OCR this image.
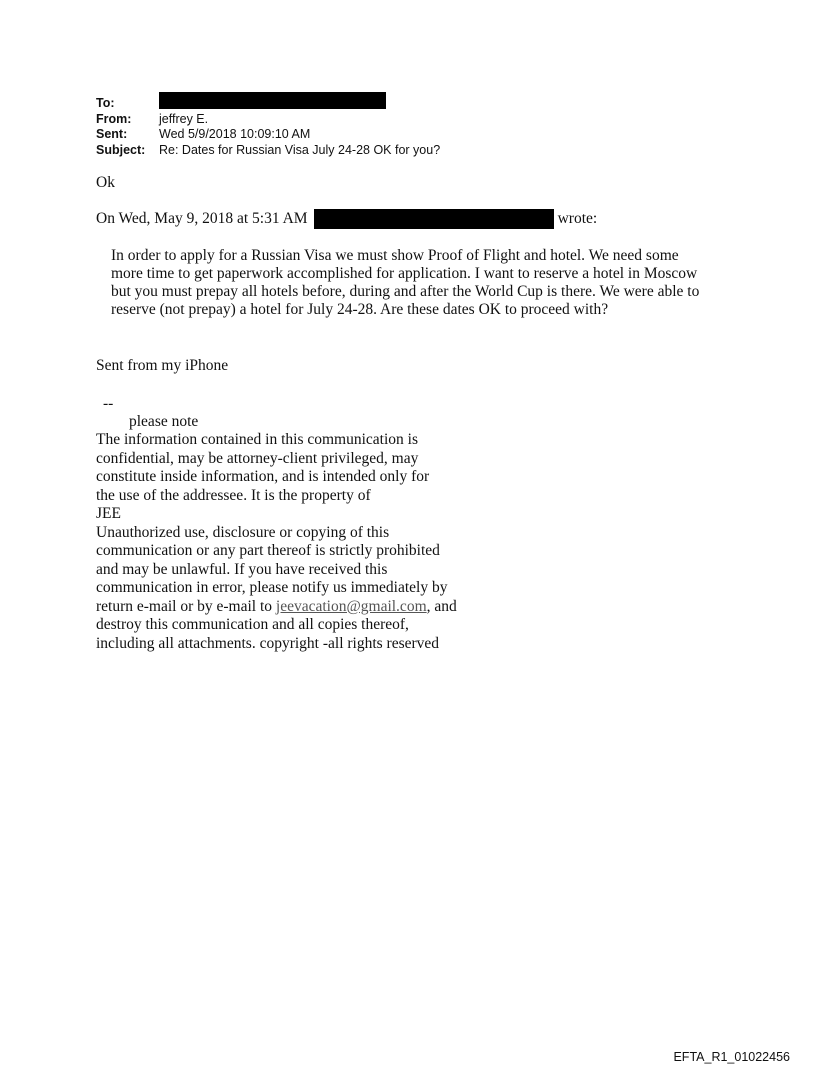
To:
From:	jeffrey E.
Sent:	Wed 5/9/2018 10:09:10 AM
Subject:	Re: Dates for Russian Visa July 24-28 OK for you?
Ok
On Wed, May 9, 2018 at 5:31 AM	wrote:
In order to apply for a Russian Visa we must show Proof of Flight and hotel. We need some more time to get paperwork accomplished for application. I want to reserve a hotel in Moscow but you must prepay all hotels before, during and after the World Cup is there. We were able to reserve (not prepay) a hotel for July 24-28. Are these dates OK to proceed with?
Sent from my iPhone
--
please note
The information contained in this communication is
confidential, may be attorney-client privileged, may
constitute inside information, and is intended only for
the use of the addressee. It is the property of
JEE
Unauthorized use, disclosure or copying of this
communication or any part thereof is strictly prohibited
and may be unlawful. If you have received this
communication in error, please notify us immediately by
return e-mail or by e-mail to jeevacation@gmail.com, and
destroy this communication and all copies thereof,
including all attachments. copyright -all rights reserved
EFTA_R1_01022456
